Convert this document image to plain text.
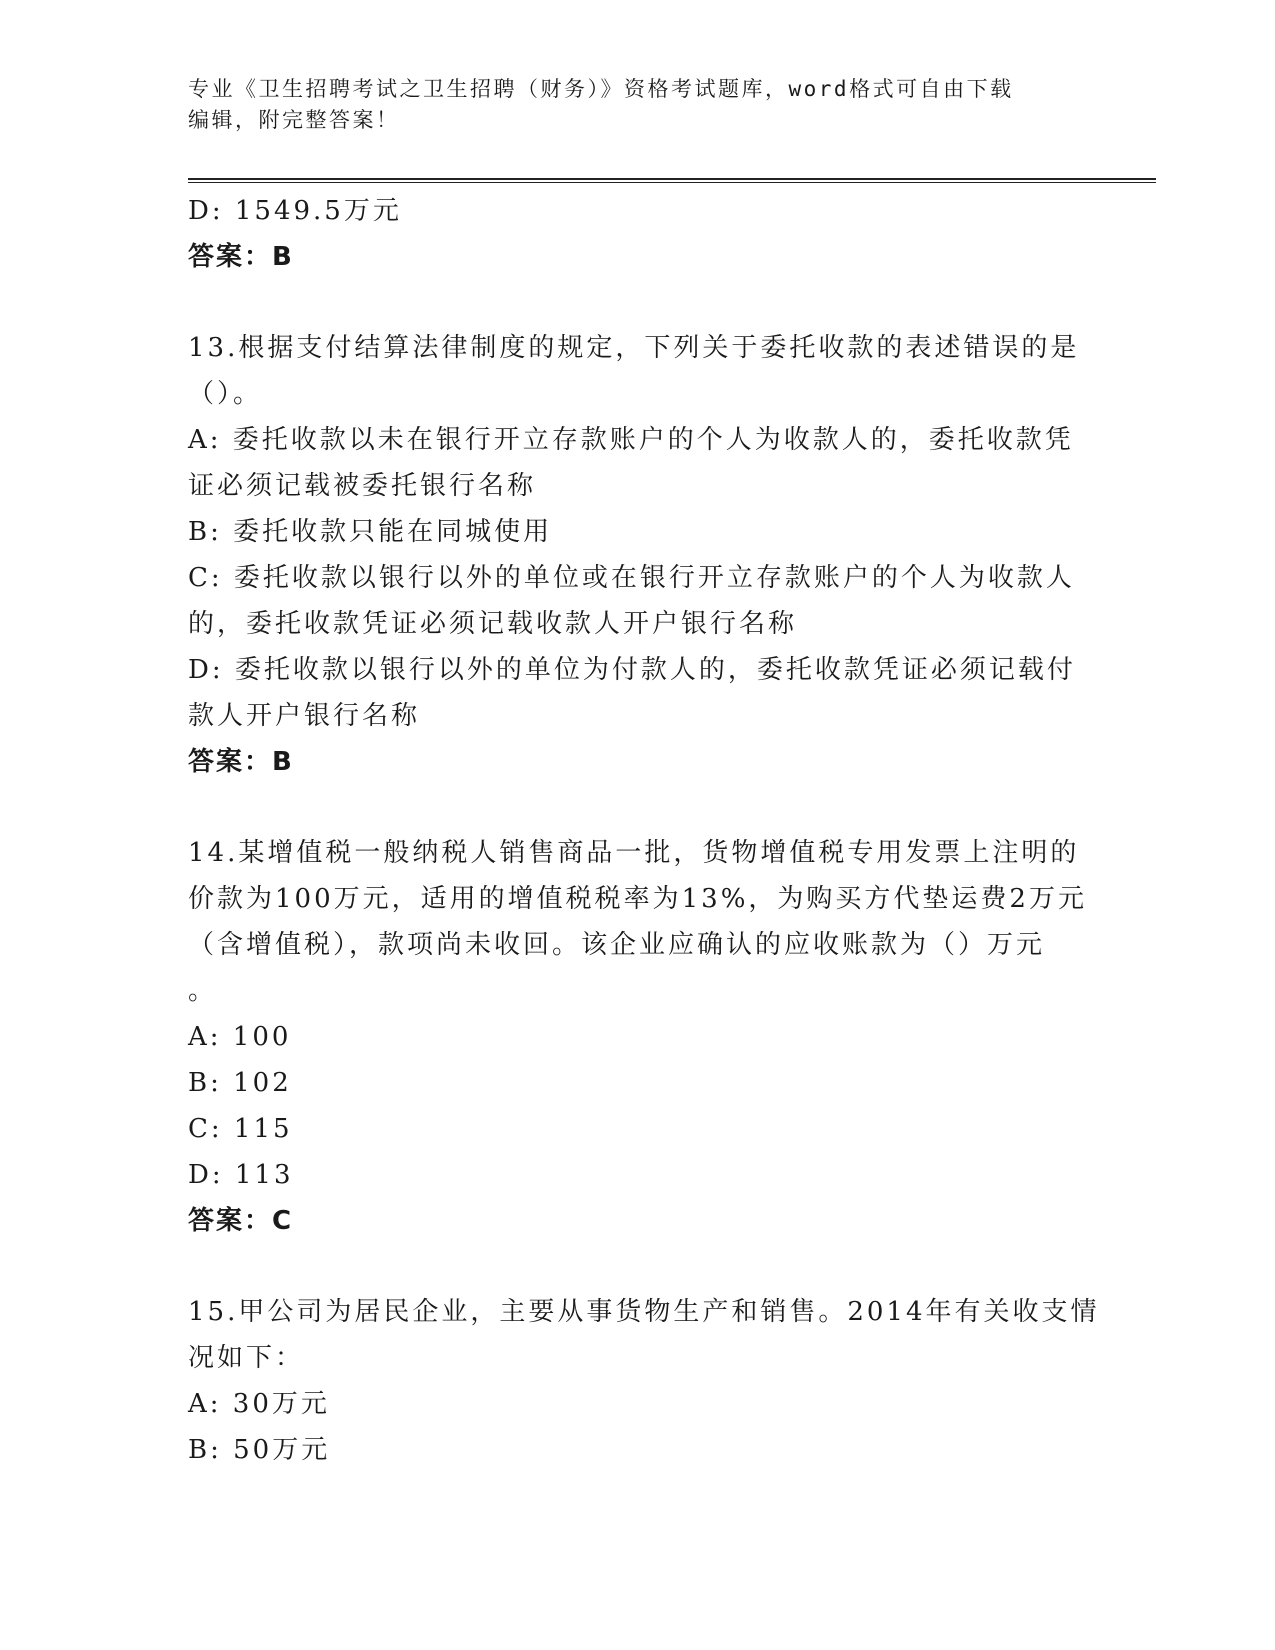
专业《卫生招聘考试之卫生招聘（财务）》资格考试题库，word格式可自由下载
编辑，附完整答案！
D: 1549.5万元
答案：B
13.根据支付结算法律制度的规定，下列关于委托收款的表述错误的是
（）。
A: 委托收款以未在银行开立存款账户的个人为收款人的，委托收款凭
证必须记载被委托银行名称
B: 委托收款只能在同城使用
C: 委托收款以银行以外的单位或在银行开立存款账户的个人为收款人
的，委托收款凭证必须记载收款人开户银行名称
D: 委托收款以银行以外的单位为付款人的，委托收款凭证必须记载付
款人开户银行名称
答案：B
14.某增值税一般纳税人销售商品一批，货物增值税专用发票上注明的
价款为100万元，适用的增值税税率为13%，为购买方代垫运费2万元
（含增值税），款项尚未收回。该企业应确认的应收账款为（）万元
。
A: 100
B: 102
C: 115
D: 113
答案：C
15.甲公司为居民企业，主要从事货物生产和销售。2014年有关收支情
况如下：
A: 30万元
B: 50万元
